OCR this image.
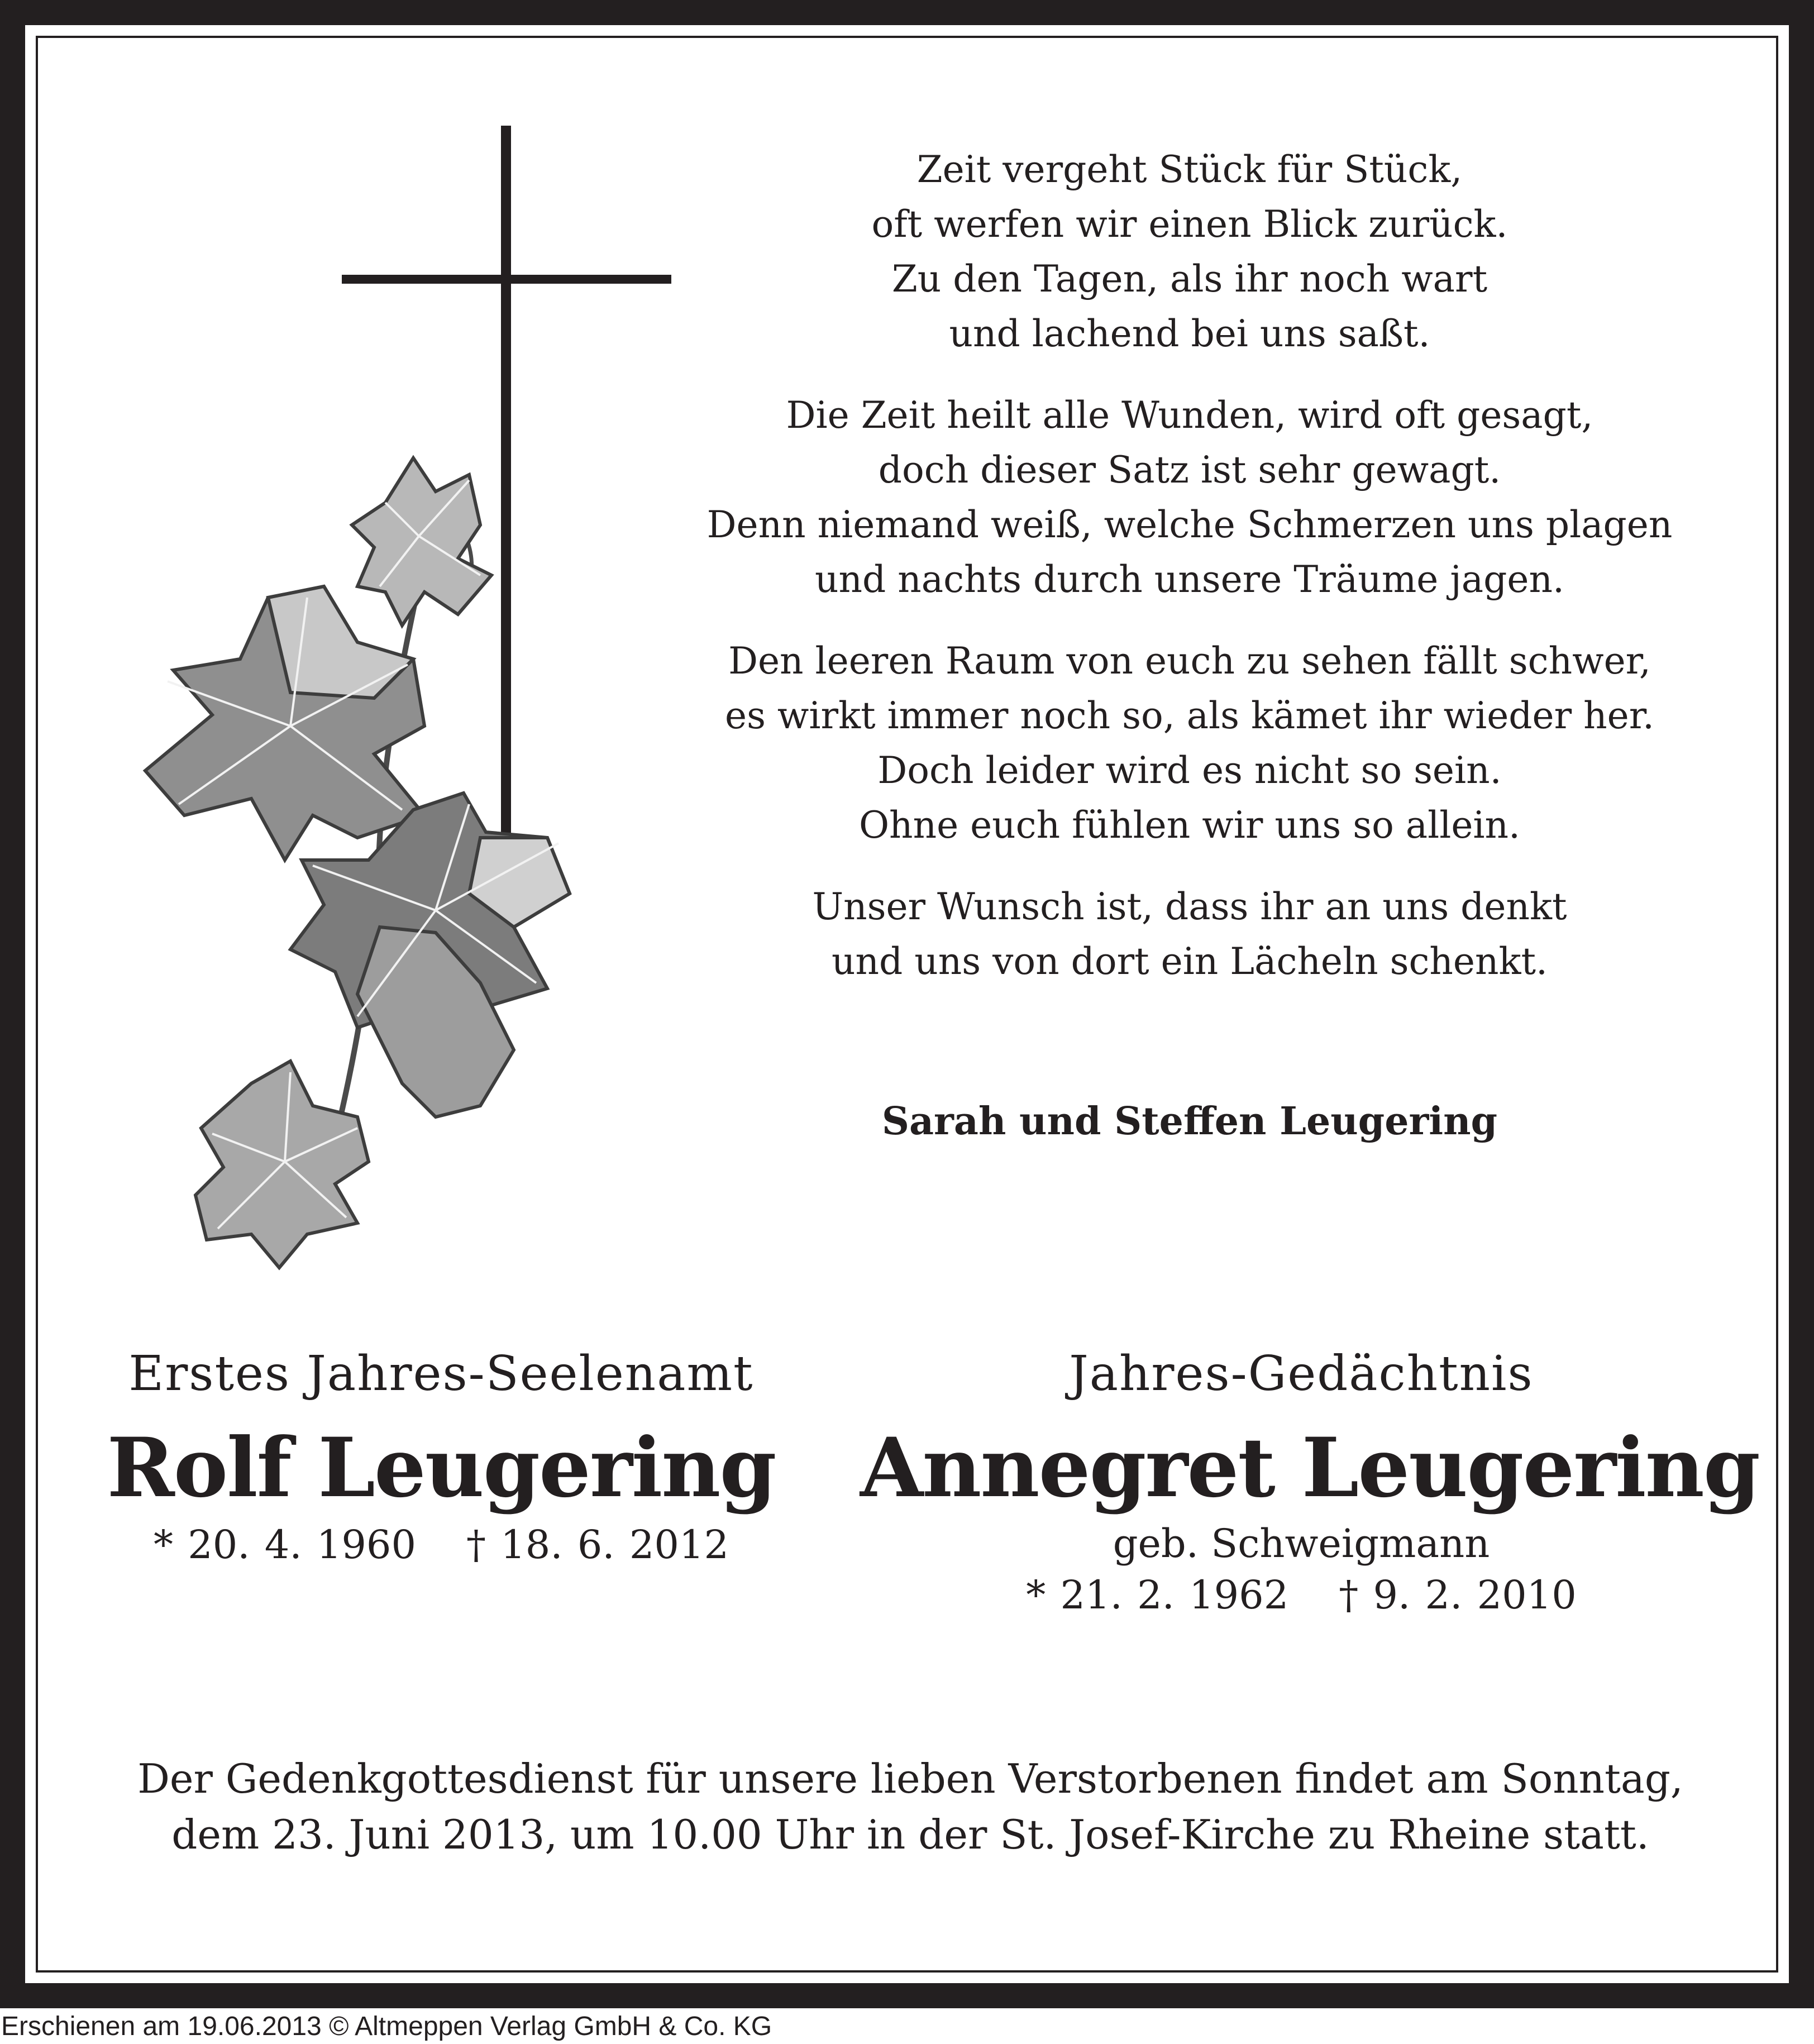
Zeit vergeht Stück für Stück,
oft werfen wir einen Blick zurück.
Zu den Tagen, als ihr noch wart
und lachend bei uns saßt.
Die Zeit heilt alle Wunden, wird oft gesagt,
doch dieser Satz ist sehr gewagt.
Denn niemand weiß, welche Schmerzen uns plagen
und nachts durch unsere Träume jagen.
Den leeren Raum von euch zu sehen fällt schwer,
es wirkt immer noch so, als kämet ihr wieder her.
Doch leider wird es nicht so sein.
Ohne euch fühlen wir uns so allein.
Unser Wunsch ist, dass ihr an uns denkt
und uns von dort ein Lächeln schenkt.
Sarah und Steffen Leugering
Erstes Jahres-Seelenamt
Rolf Leugering
* 20. 4. 1960 † 18. 6. 2012
Jahres-Gedächtnis
Annegret Leugering
geb. Schweigmann
* 21. 2. 1962 † 9. 2. 2010
Der Gedenkgottesdienst für unsere lieben Verstorbenen findet am Sonntag,
dem 23. Juni 2013, um 10.00 Uhr in der St. Josef-Kirche zu Rheine statt.
Erschienen am 19.06.2013 © Altmeppen Verlag GmbH & Co. KG
